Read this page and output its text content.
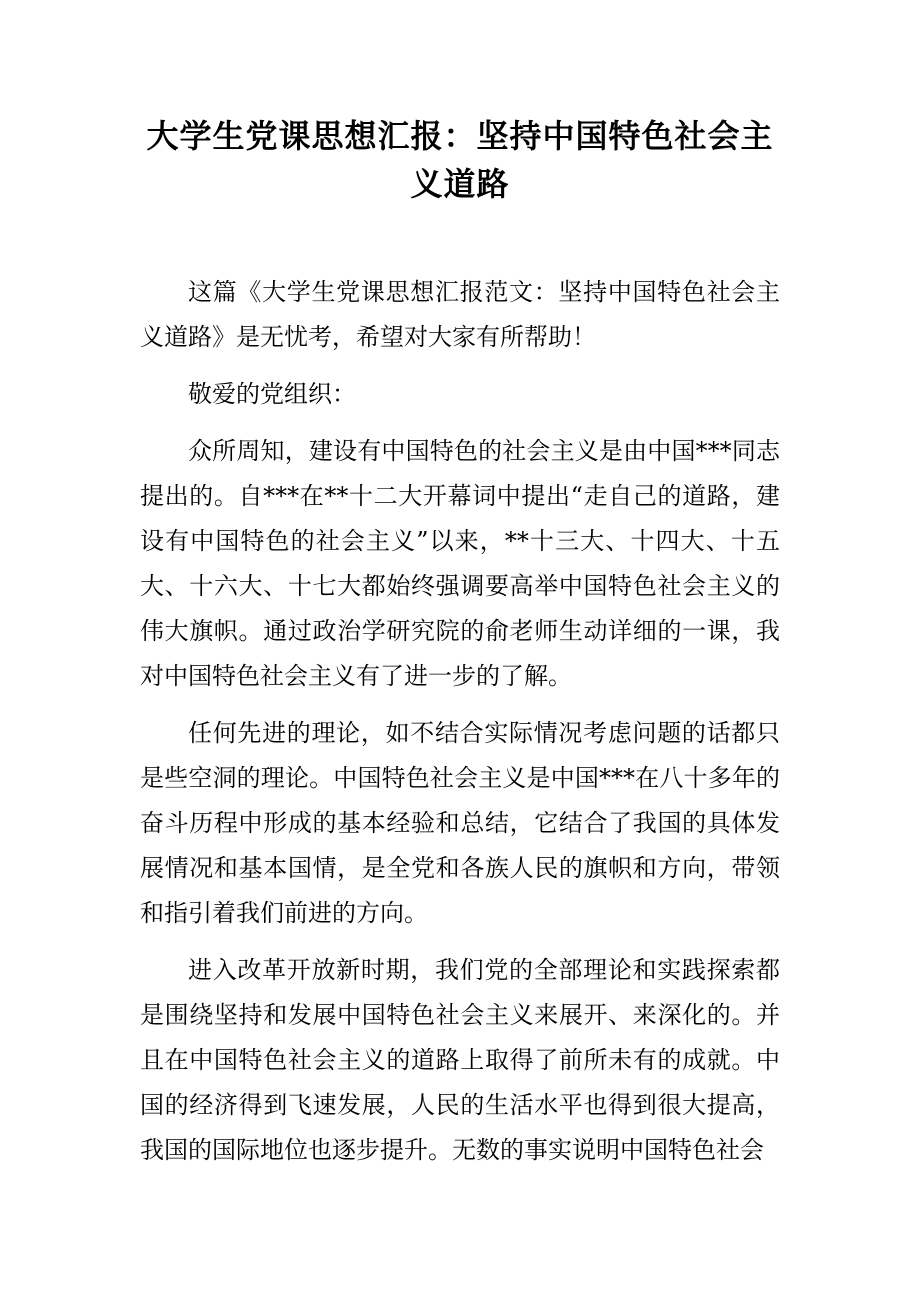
大学生党课思想汇报：坚持中国特色社会主义道路

这篇《大学生党课思想汇报范文：坚持中国特色社会主义道路》是无忧考，希望对大家有所帮助！

敬爱的党组织：

众所周知，建设有中国特色的社会主义是由中国***同志提出的。自***在**十二大开幕词中提出“走自己的道路，建设有中国特色的社会主义”以来，**十三大、十四大、十五大、十六大、十七大都始终强调要高举中国特色社会主义的伟大旗帜。通过政治学研究院的俞老师生动详细的一课，我对中国特色社会主义有了进一步的了解。

任何先进的理论，如不结合实际情况考虑问题的话都只是些空洞的理论。中国特色社会主义是中国***在八十多年的奋斗历程中形成的基本经验和总结，它结合了我国的具体发展情况和基本国情，是全党和各族人民的旗帜和方向，带领和指引着我们前进的方向。

进入改革开放新时期，我们党的全部理论和实践探索都是围绕坚持和发展中国特色社会主义来展开、来深化的。并且在中国特色社会主义的道路上取得了前所未有的成就。中国的经济得到飞速发展，人民的生活水平也得到很大提高，我国的国际地位也逐步提升。无数的事实说明中国特色社会
